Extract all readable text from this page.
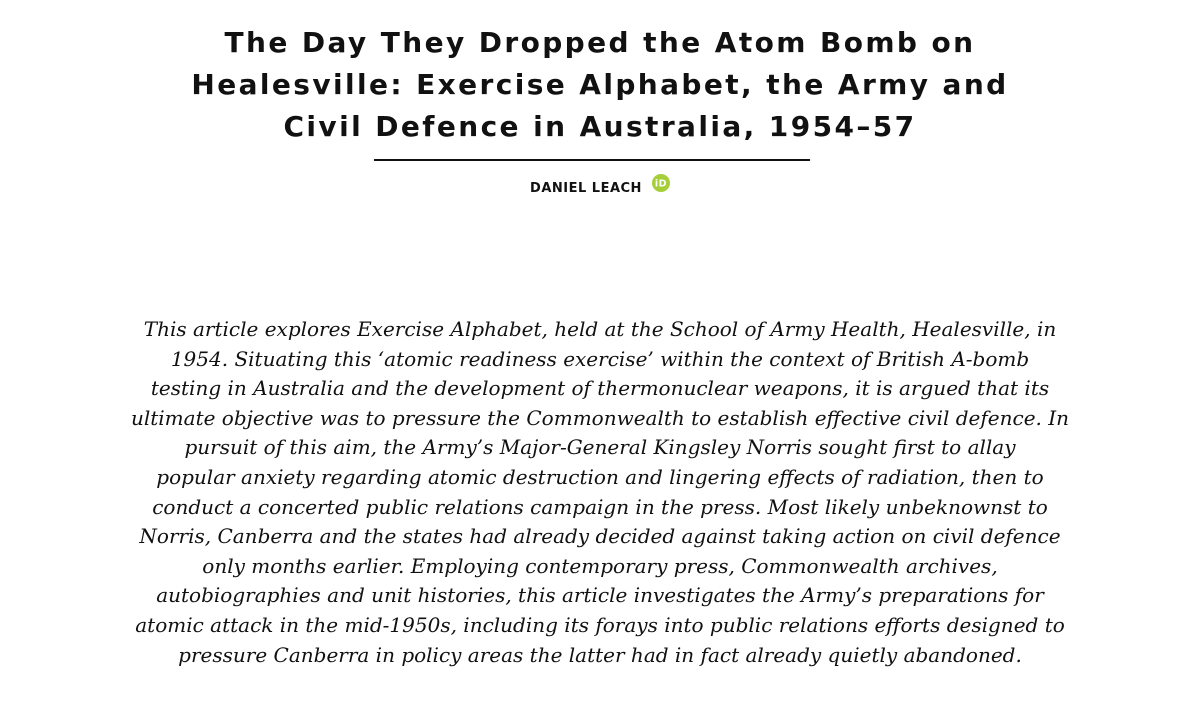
The Day They Dropped the Atom Bomb on
Healesville: Exercise Alphabet, the Army and
Civil Defence in Australia, 1954–57
DANIEL LEACH iD

This article explores Exercise Alphabet, held at the School of Army Health, Healesville, in
1954. Situating this ‘atomic readiness exercise’ within the context of British A-bomb
testing in Australia and the development of thermonuclear weapons, it is argued that its
ultimate objective was to pressure the Commonwealth to establish effective civil defence. In
pursuit of this aim, the Army’s Major-General Kingsley Norris sought first to allay
popular anxiety regarding atomic destruction and lingering effects of radiation, then to
conduct a concerted public relations campaign in the press. Most likely unbeknownst to
Norris, Canberra and the states had already decided against taking action on civil defence
only months earlier. Employing contemporary press, Commonwealth archives,
autobiographies and unit histories, this article investigates the Army’s preparations for
atomic attack in the mid-1950s, including its forays into public relations efforts designed to
pressure Canberra in policy areas the latter had in fact already quietly abandoned.
